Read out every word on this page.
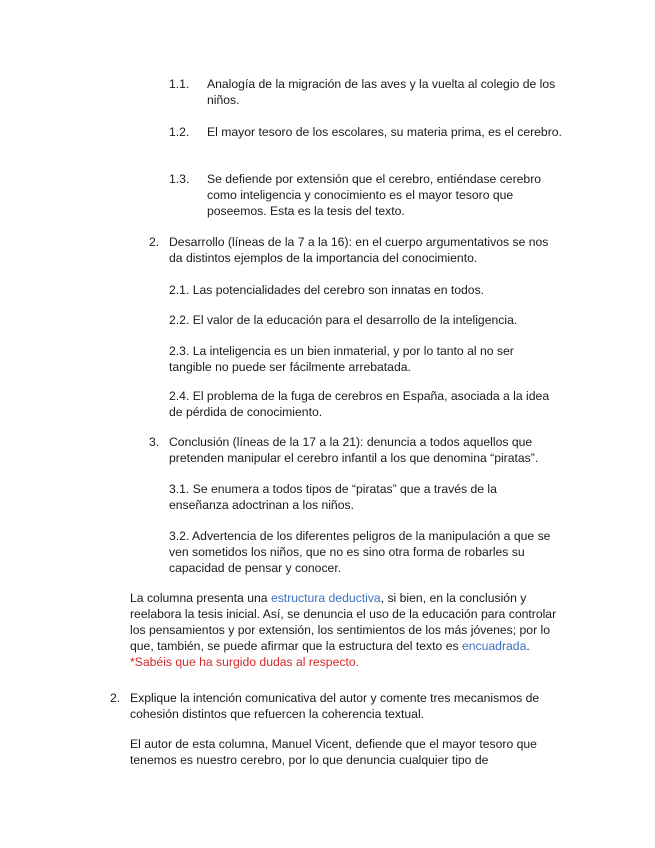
1.1. Analogía de la migración de las aves y la vuelta al colegio de los niños.

1.2. El mayor tesoro de los escolares, su materia prima, es el cerebro.

1.3. Se defiende por extensión que el cerebro, entiéndase cerebro como inteligencia y conocimiento es el mayor tesoro que poseemos. Esta es la tesis del texto.

2. Desarrollo (líneas de la 7 a la 16): en el cuerpo argumentativos se nos da distintos ejemplos de la importancia del conocimiento.

2.1. Las potencialidades del cerebro son innatas en todos.

2.2. El valor de la educación para el desarrollo de la inteligencia.

2.3. La inteligencia es un bien inmaterial, y por lo tanto al no ser tangible no puede ser fácilmente arrebatada.

2.4. El problema de la fuga de cerebros en España, asociada a la idea de pérdida de conocimiento.

3. Conclusión (líneas de la 17 a la 21): denuncia a todos aquellos que pretenden manipular el cerebro infantil a los que denomina “piratas”.

3.1. Se enumera a todos tipos de “piratas” que a través de la enseñanza adoctrinan a los niños.

3.2. Advertencia de los diferentes peligros de la manipulación a que se ven sometidos los niños, que no es sino otra forma de robarles su capacidad de pensar y conocer.

La columna presenta una estructura deductiva, si bien, en la conclusión y reelabora la tesis inicial. Así, se denuncia el uso de la educación para controlar los pensamientos y por extensión, los sentimientos de los más jóvenes; por lo que, también, se puede afirmar que la estructura del texto es encuadrada. *Sabéis que ha surgido dudas al respecto.

2. Explique la intención comunicativa del autor y comente tres mecanismos de cohesión distintos que refuercen la coherencia textual.

El autor de esta columna, Manuel Vicent, defiende que el mayor tesoro que tenemos es nuestro cerebro, por lo que denuncia cualquier tipo de
